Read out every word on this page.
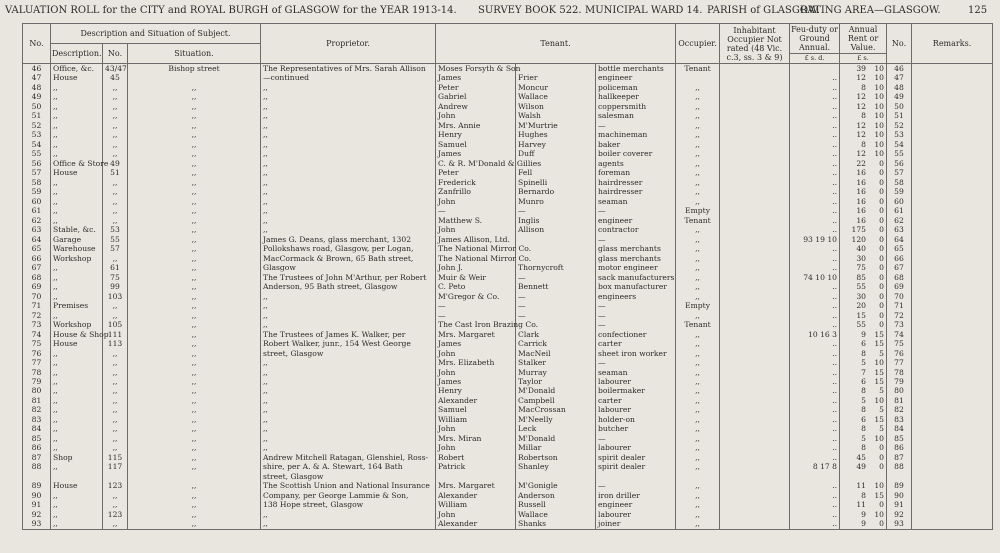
VALUATION ROLL for the CITY and ROYAL BURGH of GLASGOW for the YEAR 1913-14. SURVEY BOOK 522. MUNICIPAL WARD 14. PARISH of GLASGOW.
RATING AREA—GLASGOW.	125
No.	Description and Situation of Subject.			Proprietor.	Tenant.			Occupier.	Inhabitant Occupier Not rated (48 Vic. c.3, ss. 3 & 9)	Feu-duty or Ground Annual.	Annual Rent or Value.	No.	Remarks.
	Description.	No.	Situation.										
										£ s. d.	£ s.		
46	Office, &c.	43/47	Bishop street	The Representatives of Mrs. Sarah Allison	Moses Forsyth & Son		bottle merchants	Tenant			39 10	46	
47	House	45		—continued	James	Frier	engineer			..	12 10	47	
48	,,	,,	,,	,,	Peter	Moncur	policeman	,,		..	8 10	48	
49	,,	,,	,,	,,	Gabriel	Wallace	hallkeeper	,,		..	12 10	49	
50	,,	,,	,,	,,	Andrew	Wilson	coppersmith	,,		..	12 10	50	
51	,,	,,	,,	,,	John	Walsh	salesman	,,		..	8 10	51	
52	,,	,,	,,	,,	Mrs. Annie	M'Murtrie	—	,,		..	12 10	52	
53	,,	,,	,,	,,	Henry	Hughes	machineman	,,		..	12 10	53	
54	,,	,,	,,	,,	Samuel	Harvey	baker	,,		..	8 10	54	
55	,,	,,	,,	,,	James	Duff	boiler coverer	,,		..	12 10	55	
56	Office & Store	49	,,	,,	C. & R. M'Donald & Gillies		agents	,,		..	22 0	56	
57	House	51	,,	,,	Peter	Fell	foreman	,,		..	16 0	57	
58	,,	,,	,,	,,	Frederick	Spinelli	hairdresser	,,		..	16 0	58	
59	,,	,,	,,	,,	Zanfrillo	Bernardo	hairdresser	,,		..	16 0	59	
60	,,	,,	,,	,,	John	Munro	seaman	,,		..	16 0	60	
61	,,	,,	,,	,,	—	—	—	Empty		..	16 0	61	
62	,,	,,	,,	,,	Matthew S.	Inglis	engineer	Tenant		..	16 0	62	
63	Stable, &c.	53	,,	,,	John	Allison	contractor	,,		..	175 0	63	
64	Garage	55	,,	James G. Deans, glass merchant, 1302	James Allison, Ltd.		—	,,		93 19 10	120 0	64	
65	Warehouse	57	,,	Pollokshaws road, Glasgow, per Logan,	The National Mirror Co.		glass merchants	,,		..	40 0	65	
66	Workshop	,,	,,	MacCormack & Brown, 65 Bath street,	The National Mirror Co.		glass merchants	,,		..	30 0	66	
67	,,	61	,,	Glasgow	John J.	Thornycroft	motor engineer	,,		..	75 0	67	
68	,,	75	,,	The Trustees of John M'Arthur, per Robert	Muir & Weir	—	sack manufacturers	,,		74 10 10	85 0	68	
69	,,	99	,,	Anderson, 95 Bath street, Glasgow	C. Peto	Bennett	box manufacturer	,,		..	55 0	69	
70	,,	103	,,	,,	M'Gregor & Co.	—	engineers	,,		..	30 0	70	
71	Premises	,,	,,	,,	—	—	—	Empty		..	20 0	71	
72	,,	,,	,,	,,	—	—	—	,,		..	15 0	72	
73	Workshop	105	,,	,,	The Cast Iron Brazing Co.		—	Tenant		..	55 0	73	
74	House & Shop	111	,,	The Trustees of James K. Walker, per	Mrs. Margaret	Clark	confectioner	,,		10 16 3	9 15	74	
75	House	113	,,	Robert Walker, junr., 154 West George	James	Carrick	carter	,,		..	6 15	75	
76	,,	,,	,,	street, Glasgow	John	MacNeil	sheet iron worker	,,		..	8 5	76	
77	,,	,,	,,	,,	Mrs. Elizabeth	Stalker	—	,,		..	5 10	77	
78	,,	,,	,,	,,	John	Murray	seaman	,,		..	7 15	78	
79	,,	,,	,,	,,	James	Taylor	labourer	,,		..	6 15	79	
80	,,	,,	,,	,,	Henry	M'Donald	boilermaker	,,		..	8 5	80	
81	,,	,,	,,	,,	Alexander	Campbell	carter	,,		..	5 10	81	
82	,,	,,	,,	,,	Samuel	MacCrossan	labourer	,,		..	8 5	82	
83	,,	,,	,,	,,	William	M'Neelly	holder-on	,,		..	6 15	83	
84	,,	,,	,,	,,	John	Leck	butcher	,,		..	8 5	84	
85	,,	,,	,,	,,	Mrs. Miran	M'Donald	—	,,		..	5 10	85	
86	,,	,,	,,	,,	John	Millar	labourer	,,		..	8 0	86	
87	Shop	115	,,	Andrew Mitchell Ratagan, Glenshiel, Ross-	Robert	Robertson	spirit dealer	,,		..	45 0	87	
88	,,	117	,,	shire, per A. & A. Stewart, 164 Bath	Patrick	Shanley	spirit dealer	,,		8 17 8	49 0	88	
				street, Glasgow									
89	House	123	,,	The Scottish Union and National Insurance	Mrs. Margaret	M'Gonigle	—	,,		..	11 10	89	
90	,,	,,	,,	Company, per George Lammie & Son,	Alexander	Anderson	iron driller	,,		..	8 15	90	
91	,,	,,	,,	138 Hope street, Glasgow	William	Russell	engineer	,,		..	11 0	91	
92	,,	123	,,	,,	John	Wallace	labourer	,,		..	9 10	92	
93	,,	,,	,,	,,	Alexander	Shanks	joiner	,,		..	9 0	93	
